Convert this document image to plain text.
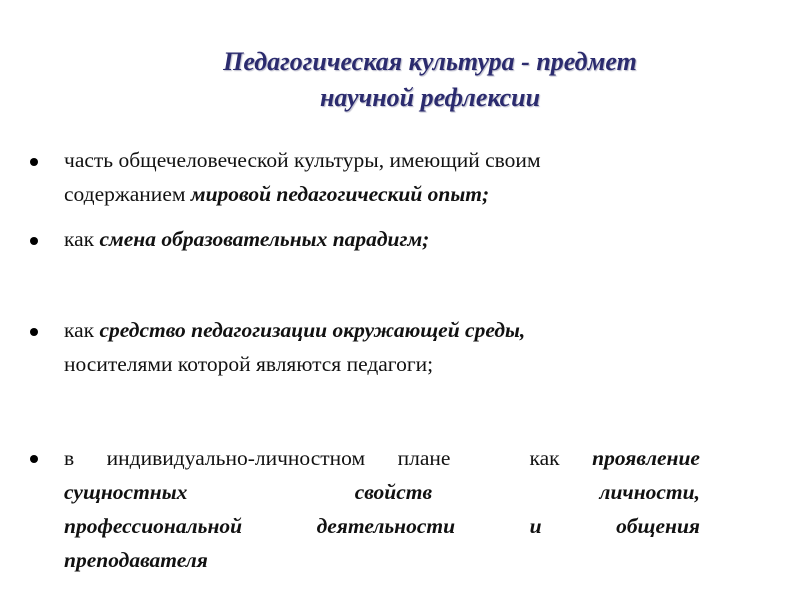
Педагогическая культура - предмет
научной рефлексии
часть общечеловеческой культуры, имеющий своим
содержанием мировой педагогический опыт;
как смена образовательных парадигм;
как средство педагогизации окружающей среды,
носителями которой являются педагоги;
в индивидуально-личностном плане	как проявление
сущностных	свойств	личности,
профессиональной	деятельности	и	общения
преподавателя
